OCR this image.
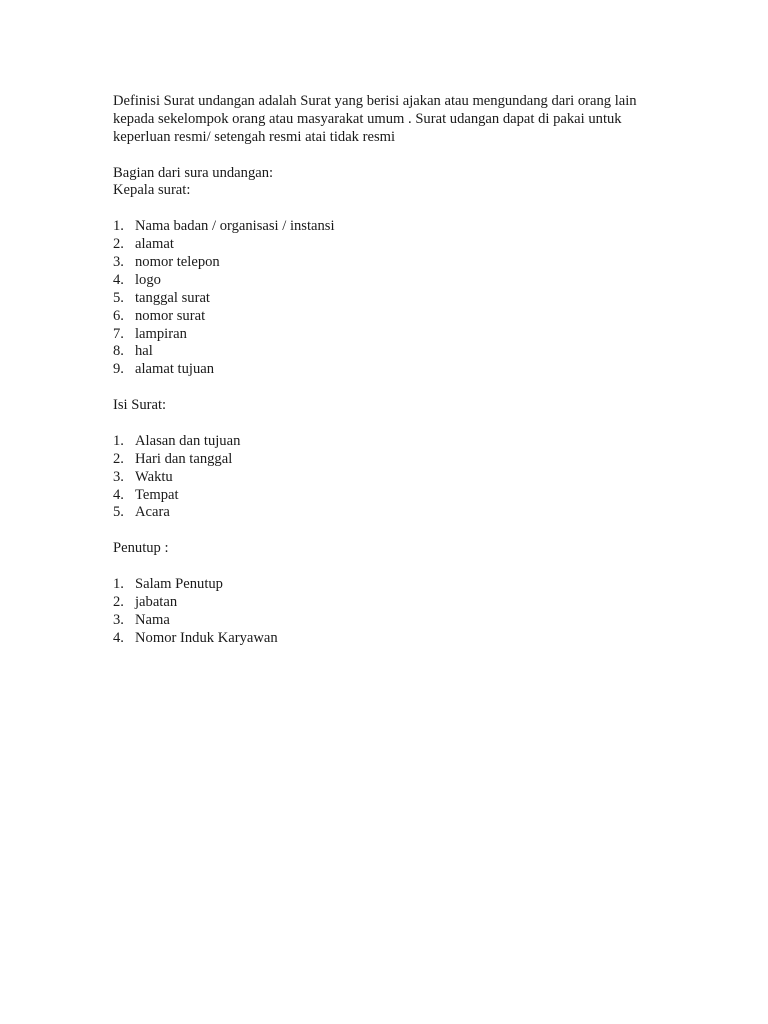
Definisi Surat undangan adalah Surat yang berisi ajakan atau mengundang dari orang lain
kepada sekelompok orang atau masyarakat umum . Surat udangan dapat di pakai untuk
keperluan resmi/ setengah resmi atai tidak resmi
Bagian dari sura undangan:
Kepala surat:
1. Nama badan / organisasi / instansi
2. alamat
3. nomor telepon
4. logo
5. tanggal surat
6. nomor surat
7. lampiran
8. hal
9. alamat tujuan
Isi Surat:
1. Alasan dan tujuan
2. Hari dan tanggal
3. Waktu
4. Tempat
5. Acara
Penutup :
1. Salam Penutup
2. jabatan
3. Nama
4. Nomor Induk Karyawan
